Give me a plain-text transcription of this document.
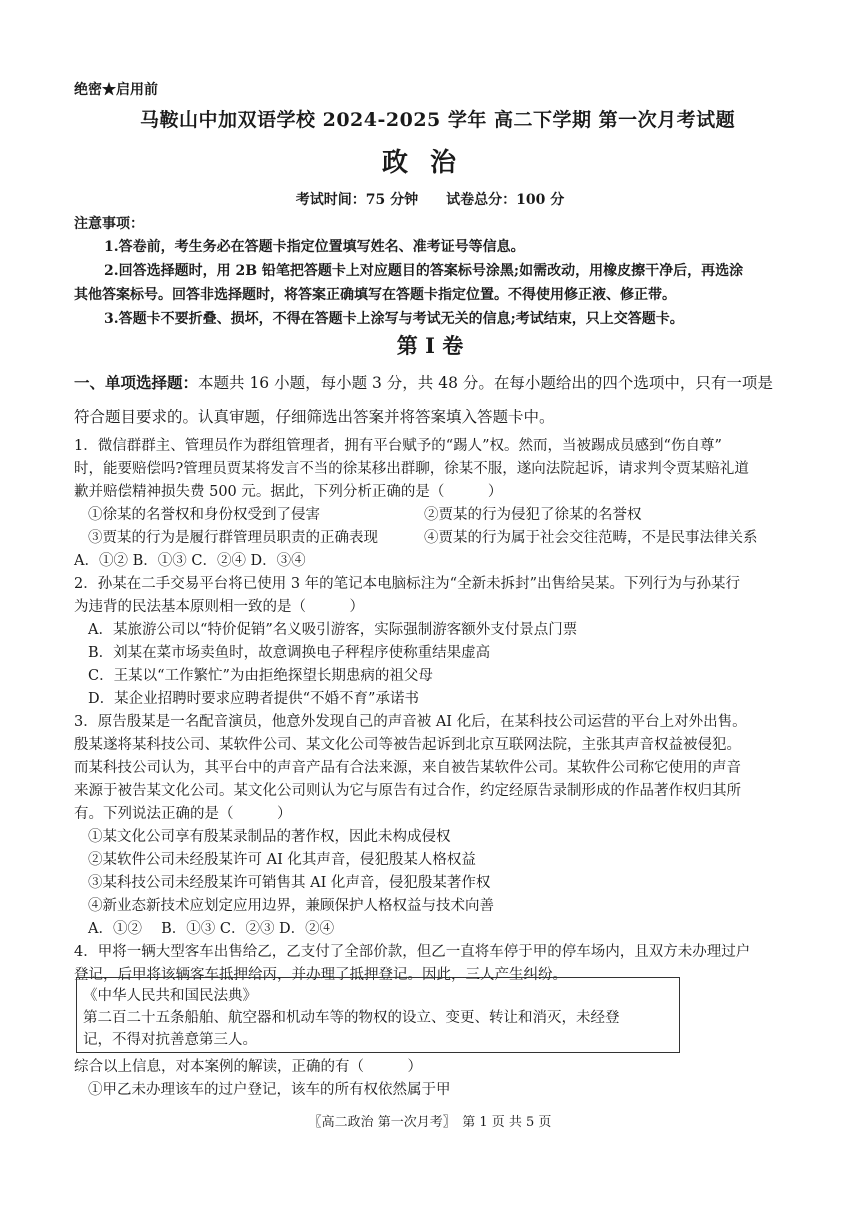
绝密★启用前
马鞍山中加双语学校 2024-2025 学年 高二下学期 第一次月考试题
政治
考试时间：75 分钟　　试卷总分：100 分
注意事项：
1.答卷前，考生务必在答题卡指定位置填写姓名、准考证号等信息。
2.回答选择题时，用 2B 铅笔把答题卡上对应题目的答案标号涂黑;如需改动，用橡皮擦干净后，再选涂
其他答案标号。回答非选择题时，将答案正确填写在答题卡指定位置。不得使用修正液、修正带。
3.答题卡不要折叠、损坏，不得在答题卡上涂写与考试无关的信息;考试结束，只上交答题卡。
第 Ⅰ 卷
一、单项选择题：本题共 16 小题，每小题 3 分，共 48 分。在每小题给出的四个选项中，只有一项是
符合题目要求的。认真审题，仔细筛选出答案并将答案填入答题卡中。
1．微信群群主、管理员作为群组管理者，拥有平台赋予的“踢人”权。然而，当被踢成员感到“伤自尊”
时，能要赔偿吗?管理员贾某将发言不当的徐某移出群聊，徐某不服，遂向法院起诉，请求判令贾某赔礼道
歉并赔偿精神损失费 500 元。据此，下列分析正确的是（　　　）
①徐某的名誉权和身份权受到了侵害	②贾某的行为侵犯了徐某的名誉权
③贾某的行为是履行群管理员职责的正确表现	④贾某的行为属于社会交往范畴，不是民事法律关系
A．①② B．①③ C．②④ D．③④
2．孙某在二手交易平台将已使用 3 年的笔记本电脑标注为“全新未拆封”出售给吴某。下列行为与孙某行
为违背的民法基本原则相一致的是（　　　）
A．某旅游公司以“特价促销”名义吸引游客，实际强制游客额外支付景点门票
B．刘某在菜市场卖鱼时，故意调换电子秤程序使称重结果虚高
C．王某以“工作繁忙”为由拒绝探望长期患病的祖父母
D．某企业招聘时要求应聘者提供“不婚不育”承诺书
3．原告殷某是一名配音演员，他意外发现自己的声音被 AI 化后，在某科技公司运营的平台上对外出售。
殷某遂将某科技公司、某软件公司、某文化公司等被告起诉到北京互联网法院，主张其声音权益被侵犯。
而某科技公司认为，其平台中的声音产品有合法来源，来自被告某软件公司。某软件公司称它使用的声音
来源于被告某文化公司。某文化公司则认为它与原告有过合作，约定经原告录制形成的作品著作权归其所
有。下列说法正确的是（　　　）
①某文化公司享有殷某录制品的著作权，因此未构成侵权
②某软件公司未经殷某许可 AI 化其声音，侵犯殷某人格权益
③某科技公司未经殷某许可销售其 AI 化声音，侵犯殷某著作权
④新业态新技术应划定应用边界，兼顾保护人格权益与技术向善
A．①②　 B．①③ C．②③ D．②④
4．甲将一辆大型客车出售给乙，乙支付了全部价款，但乙一直将车停于甲的停车场内，且双方未办理过户
登记，后甲将该辆客车抵押给丙，并办理了抵押登记。因此，三人产生纠纷。
《中华人民共和国民法典》
第二百二十五条船舶、航空器和机动车等的物权的设立、变更、转让和消灭，未经登
记，不得对抗善意第三人。
综合以上信息，对本案例的解读，正确的有（　　　）
①甲乙未办理该车的过户登记，该车的所有权依然属于甲
〖高二政治 第一次月考〗　第 1 页 共 5 页
